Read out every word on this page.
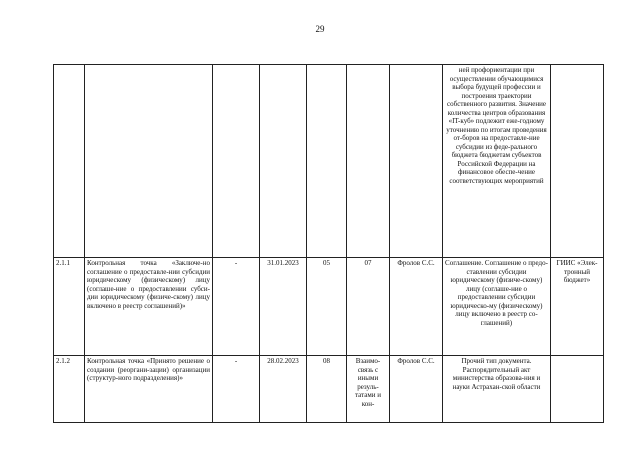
29
							ней профориентации при осуществлении обучающимися выбора будущей профессии и построения траектории собственного развития. Значение количества центров образования «IT-куб» подлежит еже-годному уточнению по итогам проведения от-боров на предоставле-ние субсидии из феде-рального бюджета бюджетам субъектов Российской Федерации на финансовое обеспе-чение соответствующих мероприятий	
2.1.1	Контрольная точка «Заключе-но соглашение о предоставле-нии субсидии юридическому (физическому) лицу (соглаше-ние о предоставлении субси-дии юридическому (физиче-скому) лицу включено в реестр соглашений)»	-	31.01.2023	05	07	Фролов С.С.	Соглашение. Соглашение о предо-ставлении субсидии юридическому (физиче-скому) лицу (соглаше-ние о предоставлении субсидии юридическо-му (физическому) лицу включено в реестр со-глашений)	ГИИС «Элек-тронный бюджет»
2.1.2	Контрольная точка «Принято решение о создании (реоргани-зации) организации (структур-ного подразделения)»	-	28.02.2023	08	Взаимо-связь с иными резуль-татами и кон-	Фролов С.С.	Прочий тип документа. Распорядительный акт министерства образова-ния и науки Астрахан-ской области	
